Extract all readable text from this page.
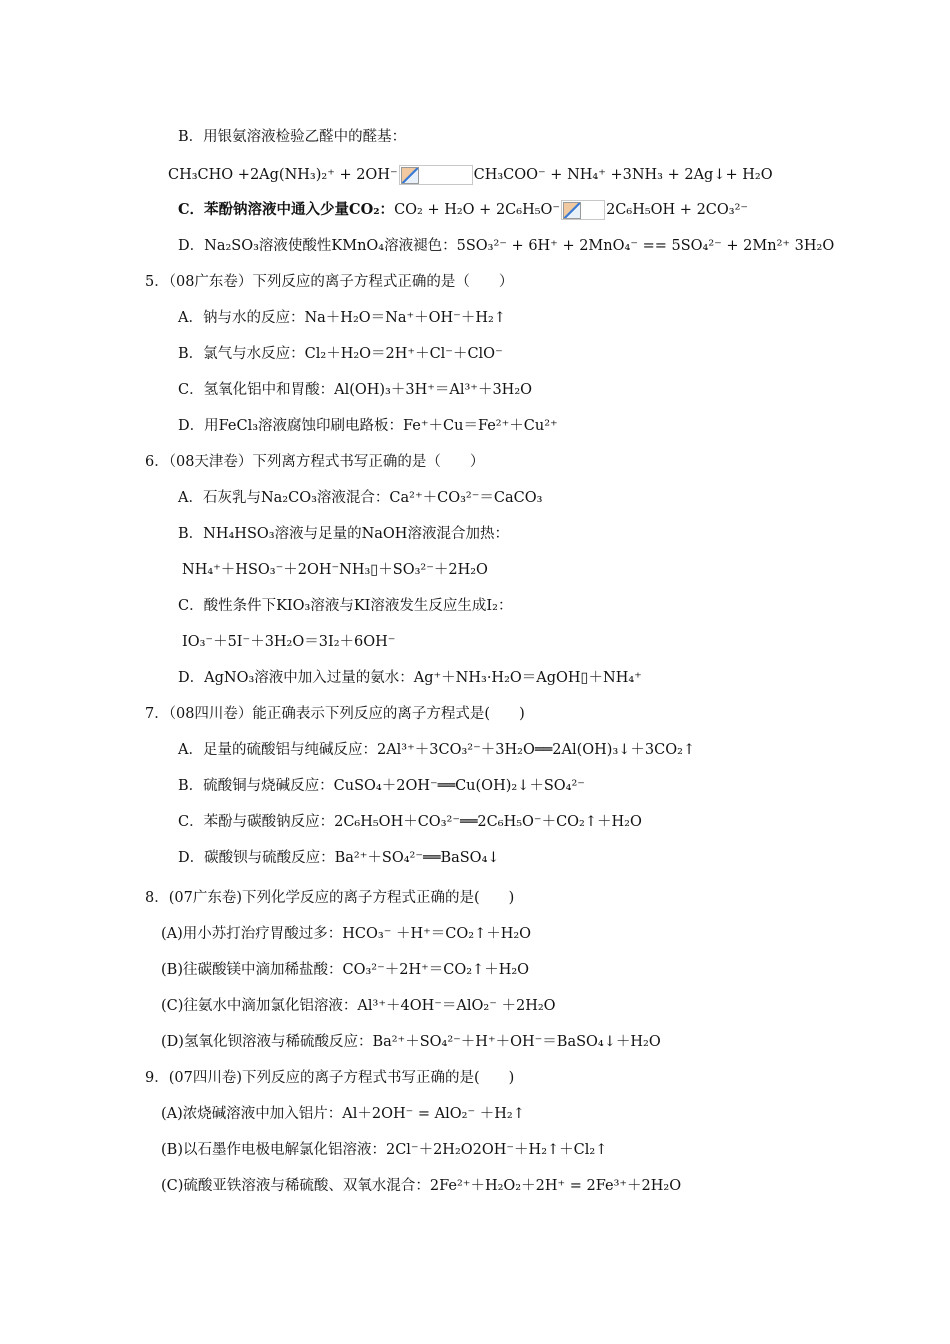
B．用银氨溶液检验乙醛中的醛基：
CH₃CHO +2Ag(NH₃)₂⁺ + 2OH⁻	CH₃COO⁻ + NH₄⁺ +3NH₃ + 2Ag↓+ H₂O
C．苯酚钠溶液中通入少量CO₂：CO₂ + H₂O + 2C₆H₅O⁻	2C₆H₅OH + 2CO₃²⁻
D．Na₂SO₃溶液使酸性KMnO₄溶液褪色：5SO₃²⁻ + 6H⁺ + 2MnO₄⁻ == 5SO₄²⁻ + 2Mn²⁺ 3H₂O
5．（08广东卷）下列反应的离子方程式正确的是（　　）
A．钠与水的反应：Na＋H₂O＝Na⁺＋OH⁻＋H₂↑
B．氯气与水反应：Cl₂＋H₂O＝2H⁺＋Cl⁻＋ClO⁻
C．氢氧化铝中和胃酸：Al(OH)₃＋3H⁺＝Al³⁺＋3H₂O
D．用FeCl₃溶液腐蚀印刷电路板：Fe⁺＋Cu＝Fe²⁺＋Cu²⁺
6．（08天津卷）下列离方程式书写正确的是（　　）
A．石灰乳与Na₂CO₃溶液混合：Ca²⁺＋CO₃²⁻＝CaCO₃
B．NH₄HSO₃溶液与足量的NaOH溶液混合加热：
NH₄⁺＋HSO₃⁻＋2OH⁻NH₃▯＋SO₃²⁻＋2H₂O
C．酸性条件下KIO₃溶液与KI溶液发生反应生成I₂：
IO₃⁻＋5I⁻＋3H₂O＝3I₂＋6OH⁻
D．AgNO₃溶液中加入过量的氨水：Ag⁺＋NH₃·H₂O＝AgOH▯＋NH₄⁺
7．（08四川卷）能正确表示下列反应的离子方程式是(　　)
A．足量的硫酸铝与纯碱反应：2Al³⁺＋3CO₃²⁻＋3H₂O══2Al(OH)₃↓＋3CO₂↑
B．硫酸铜与烧碱反应：CuSO₄＋2OH⁻══Cu(OH)₂↓＋SO₄²⁻
C．苯酚与碳酸钠反应：2C₆H₅OH＋CO₃²⁻══2C₆H₅O⁻＋CO₂↑＋H₂O
D．碳酸钡与硫酸反应：Ba²⁺＋SO₄²⁻══BaSO₄↓
8．(07广东卷)下列化学反应的离子方程式正确的是(　　)
(A)用小苏打治疗胃酸过多：HCO₃⁻ ＋H⁺＝CO₂↑＋H₂O
(B)往碳酸镁中滴加稀盐酸：CO₃²⁻＋2H⁺＝CO₂↑＋H₂O
(C)往氨水中滴加氯化铝溶液：Al³⁺＋4OH⁻＝AlO₂⁻ ＋2H₂O
(D)氢氧化钡溶液与稀硫酸反应：Ba²⁺＋SO₄²⁻＋H⁺＋OH⁻＝BaSO₄↓＋H₂O
9．(07四川卷)下列反应的离子方程式书写正确的是(　　)
(A)浓烧碱溶液中加入铝片：Al＋2OH⁻ = AlO₂⁻ ＋H₂↑
(B)以石墨作电极电解氯化铝溶液：2Cl⁻＋2H₂O2OH⁻＋H₂↑＋Cl₂↑
(C)硫酸亚铁溶液与稀硫酸、双氧水混合：2Fe²⁺＋H₂O₂＋2H⁺ = 2Fe³⁺＋2H₂O
